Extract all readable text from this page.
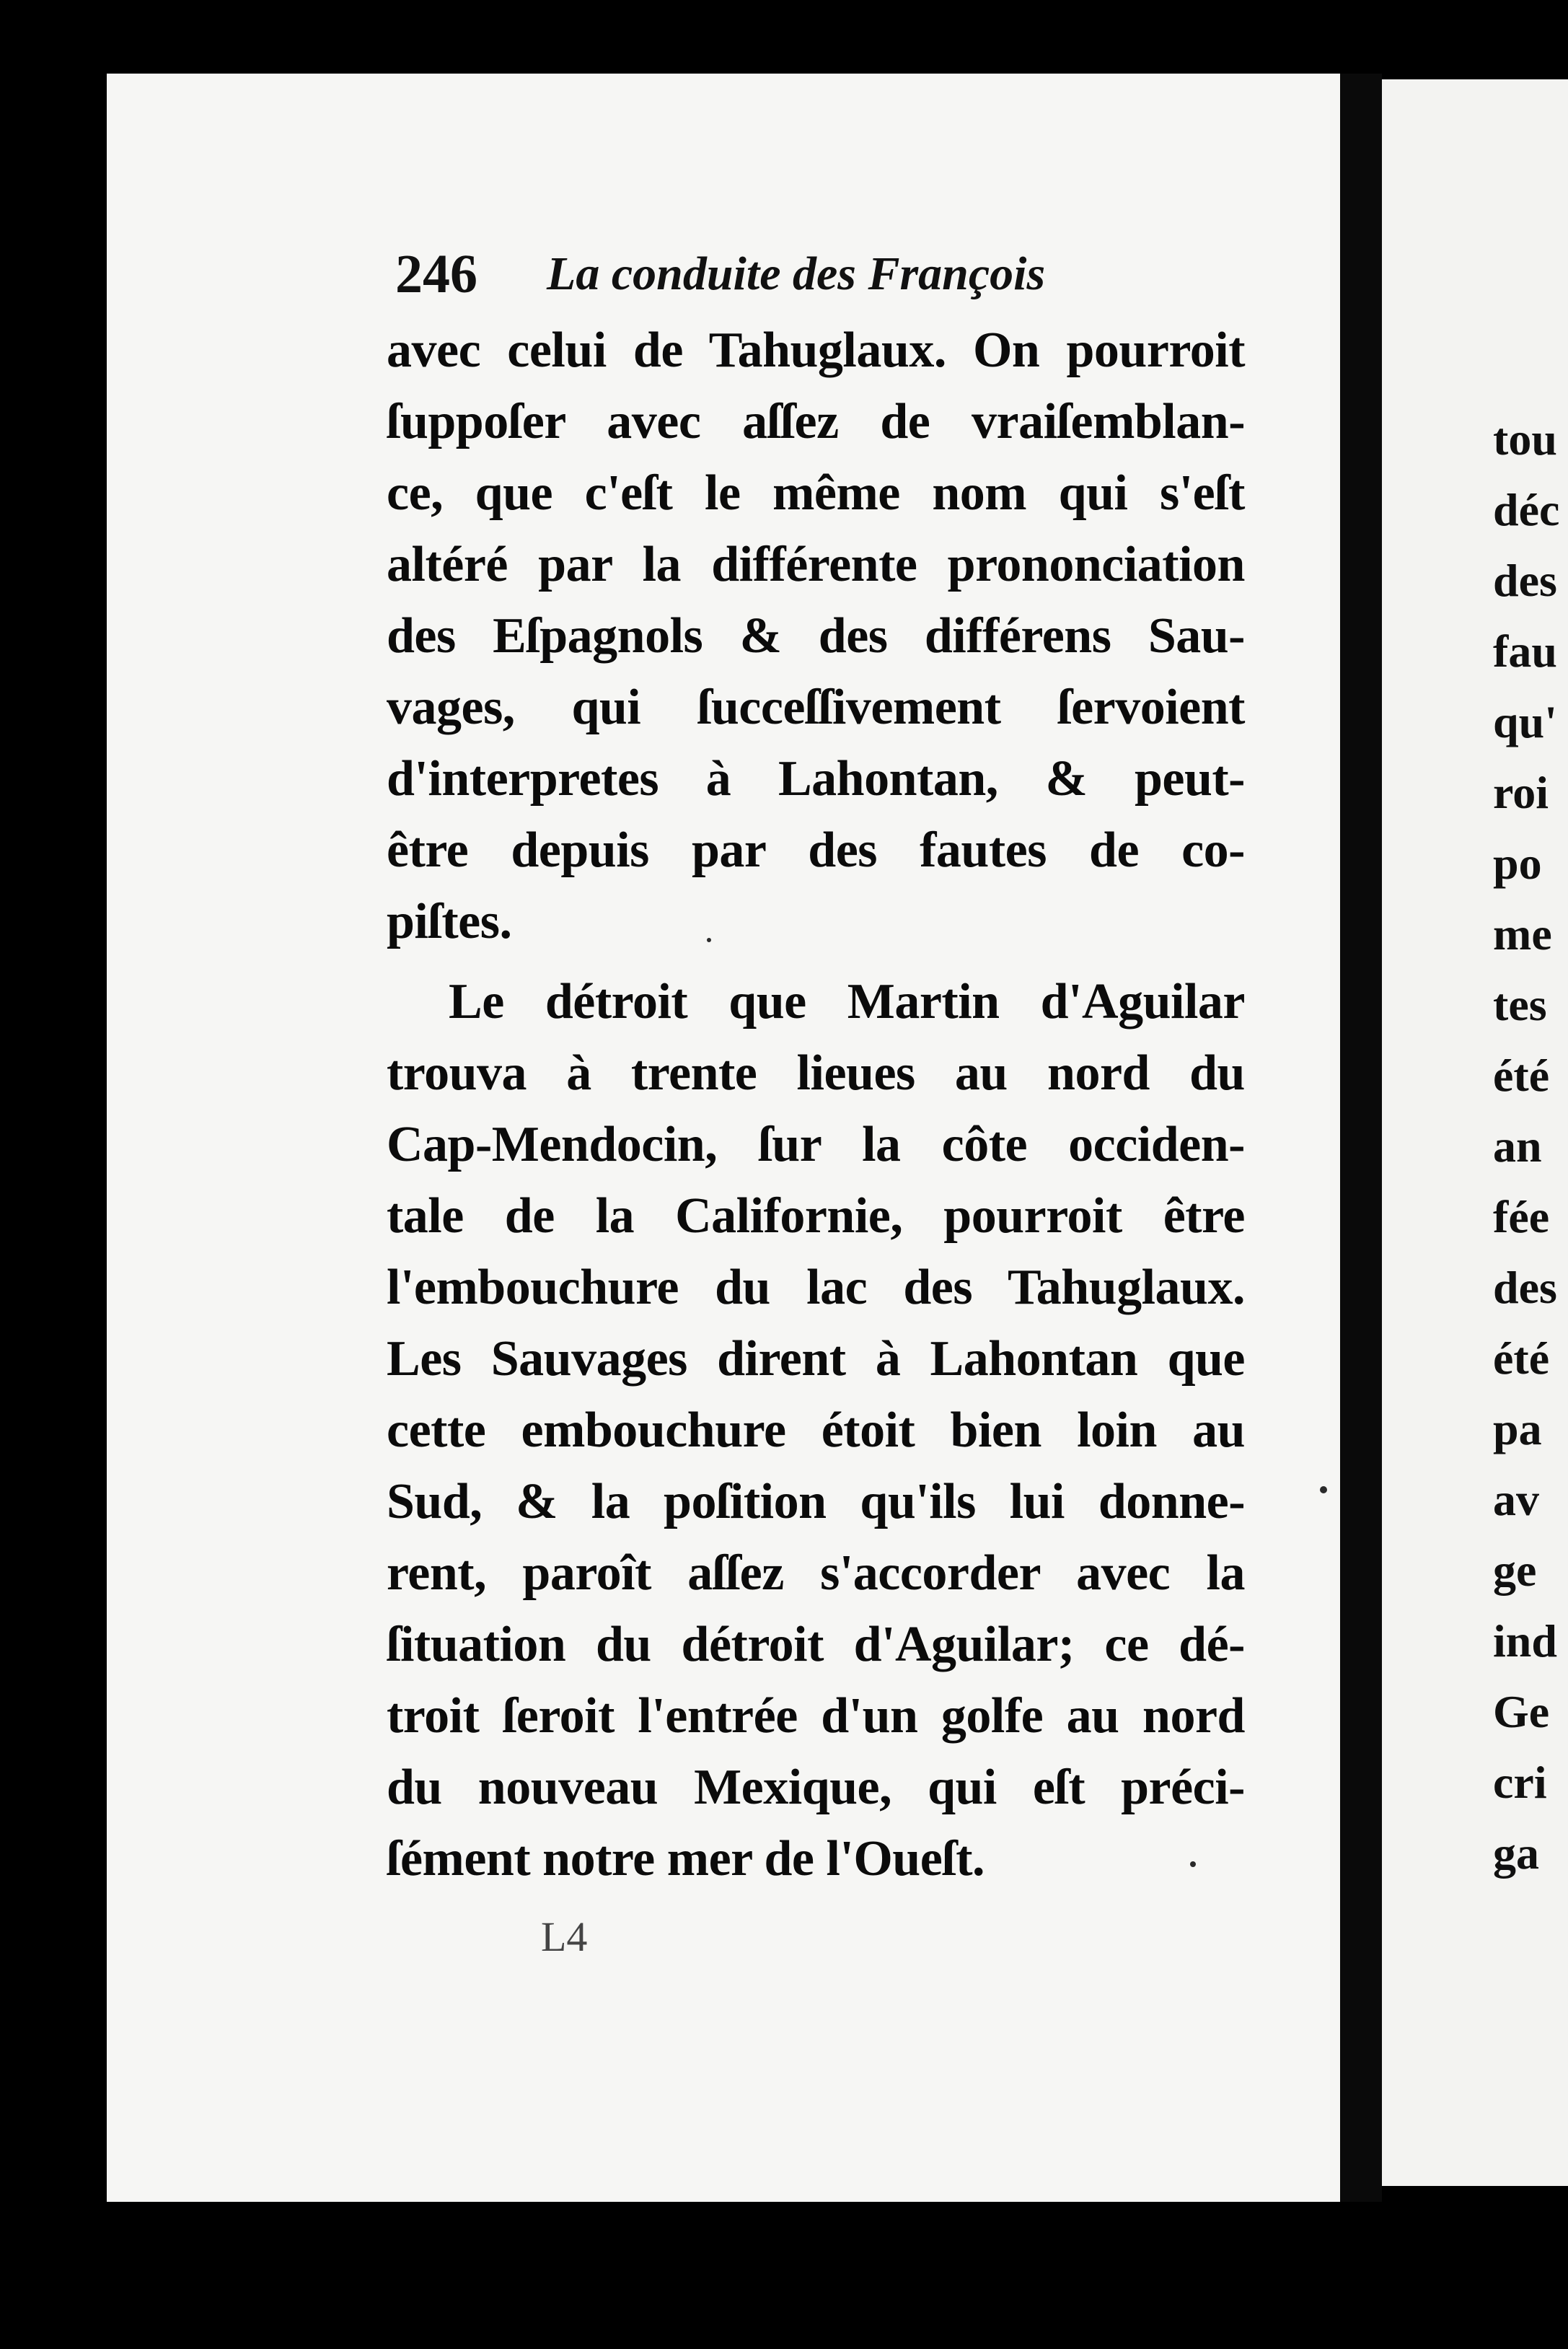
246 La conduite des François
avec celui de Tahuglaux. On pourroit
ſuppoſer avec aſſez de vraiſemblan-
ce, que c'eſt le même nom qui s'eſt
altéré par la différente prononciation
des Eſpagnols & des différens Sau-
vages, qui ſucceſſivement ſervoient
d'interpretes à Lahontan, & peut-
être depuis par des fautes de co-
piſtes.
Le détroit que Martin d'Aguilar
trouva à trente lieues au nord du
Cap-Mendocin, ſur la côte occiden-
tale de la Californie, pourroit être
l'embouchure du lac des Tahuglaux.
Les Sauvages dirent à Lahontan que
cette embouchure étoit bien loin au
Sud, & la poſition qu'ils lui donne-
rent, paroît aſſez s'accorder avec la
ſituation du détroit d'Aguilar; ce dé-
troit ſeroit l'entrée d'un golfe au nord
du nouveau Mexique, qui eſt préci-
ſément notre mer de l'Oueſt.
L4
tou
déc
des
fau
qu'
roi
po
me
tes
été
an
fée
des
été
pa
av
ge
ind
Ge
cri
ga
